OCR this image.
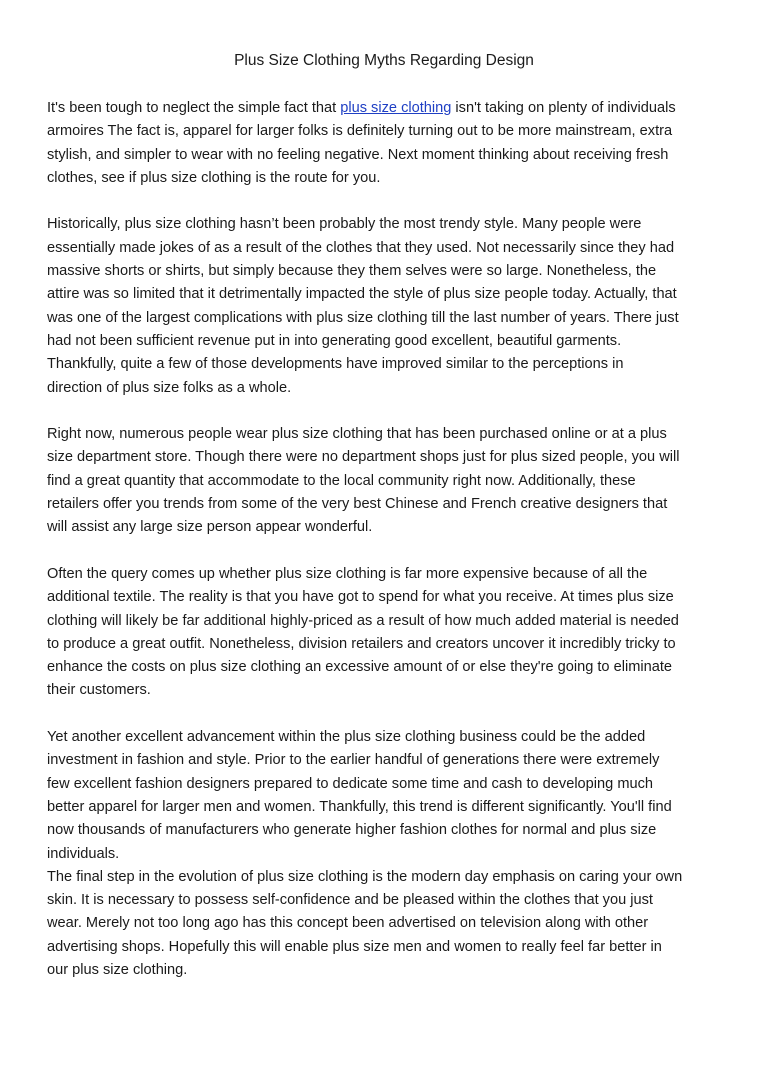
Plus Size Clothing Myths Regarding Design

It's been tough to neglect the simple fact that plus size clothing isn't taking on plenty of individuals
armoires The fact is, apparel for larger folks is definitely turning out to be more mainstream, extra
stylish, and simpler to wear with no feeling negative. Next moment thinking about receiving fresh
clothes, see if plus size clothing is the route for you.

Historically, plus size clothing hasn’t been probably the most trendy style. Many people were
essentially made jokes of as a result of the clothes that they used. Not necessarily since they had
massive shorts or shirts, but simply because they them selves were so large. Nonetheless, the
attire was so limited that it detrimentally impacted the style of plus size people today. Actually, that
was one of the largest complications with plus size clothing till the last number of years. There just
had not been sufficient revenue put in into generating good excellent, beautiful garments.
Thankfully, quite a few of those developments have improved similar to the perceptions in
direction of plus size folks as a whole.

Right now, numerous people wear plus size clothing that has been purchased online or at a plus
size department store. Though there were no department shops just for plus sized people, you will
find a great quantity that accommodate to the local community right now. Additionally, these
retailers offer you trends from some of the very best Chinese and French creative designers that
will assist any large size person appear wonderful.

Often the query comes up whether plus size clothing is far more expensive because of all the
additional textile. The reality is that you have got to spend for what you receive. At times plus size
clothing will likely be far additional highly-priced as a result of how much added material is needed
to produce a great outfit. Nonetheless, division retailers and creators uncover it incredibly tricky to
enhance the costs on plus size clothing an excessive amount of or else they're going to eliminate
their customers.

Yet another excellent advancement within the plus size clothing business could be the added
investment in fashion and style. Prior to the earlier handful of generations there were extremely
few excellent fashion designers prepared to dedicate some time and cash to developing much
better apparel for larger men and women. Thankfully, this trend is different significantly. You'll find
now thousands of manufacturers who generate higher fashion clothes for normal and plus size
individuals.

The final step in the evolution of plus size clothing is the modern day emphasis on caring your own
skin. It is necessary to possess self-confidence and be pleased within the clothes that you just
wear. Merely not too long ago has this concept been advertised on television along with other
advertising shops. Hopefully this will enable plus size men and women to really feel far better in
our plus size clothing.
